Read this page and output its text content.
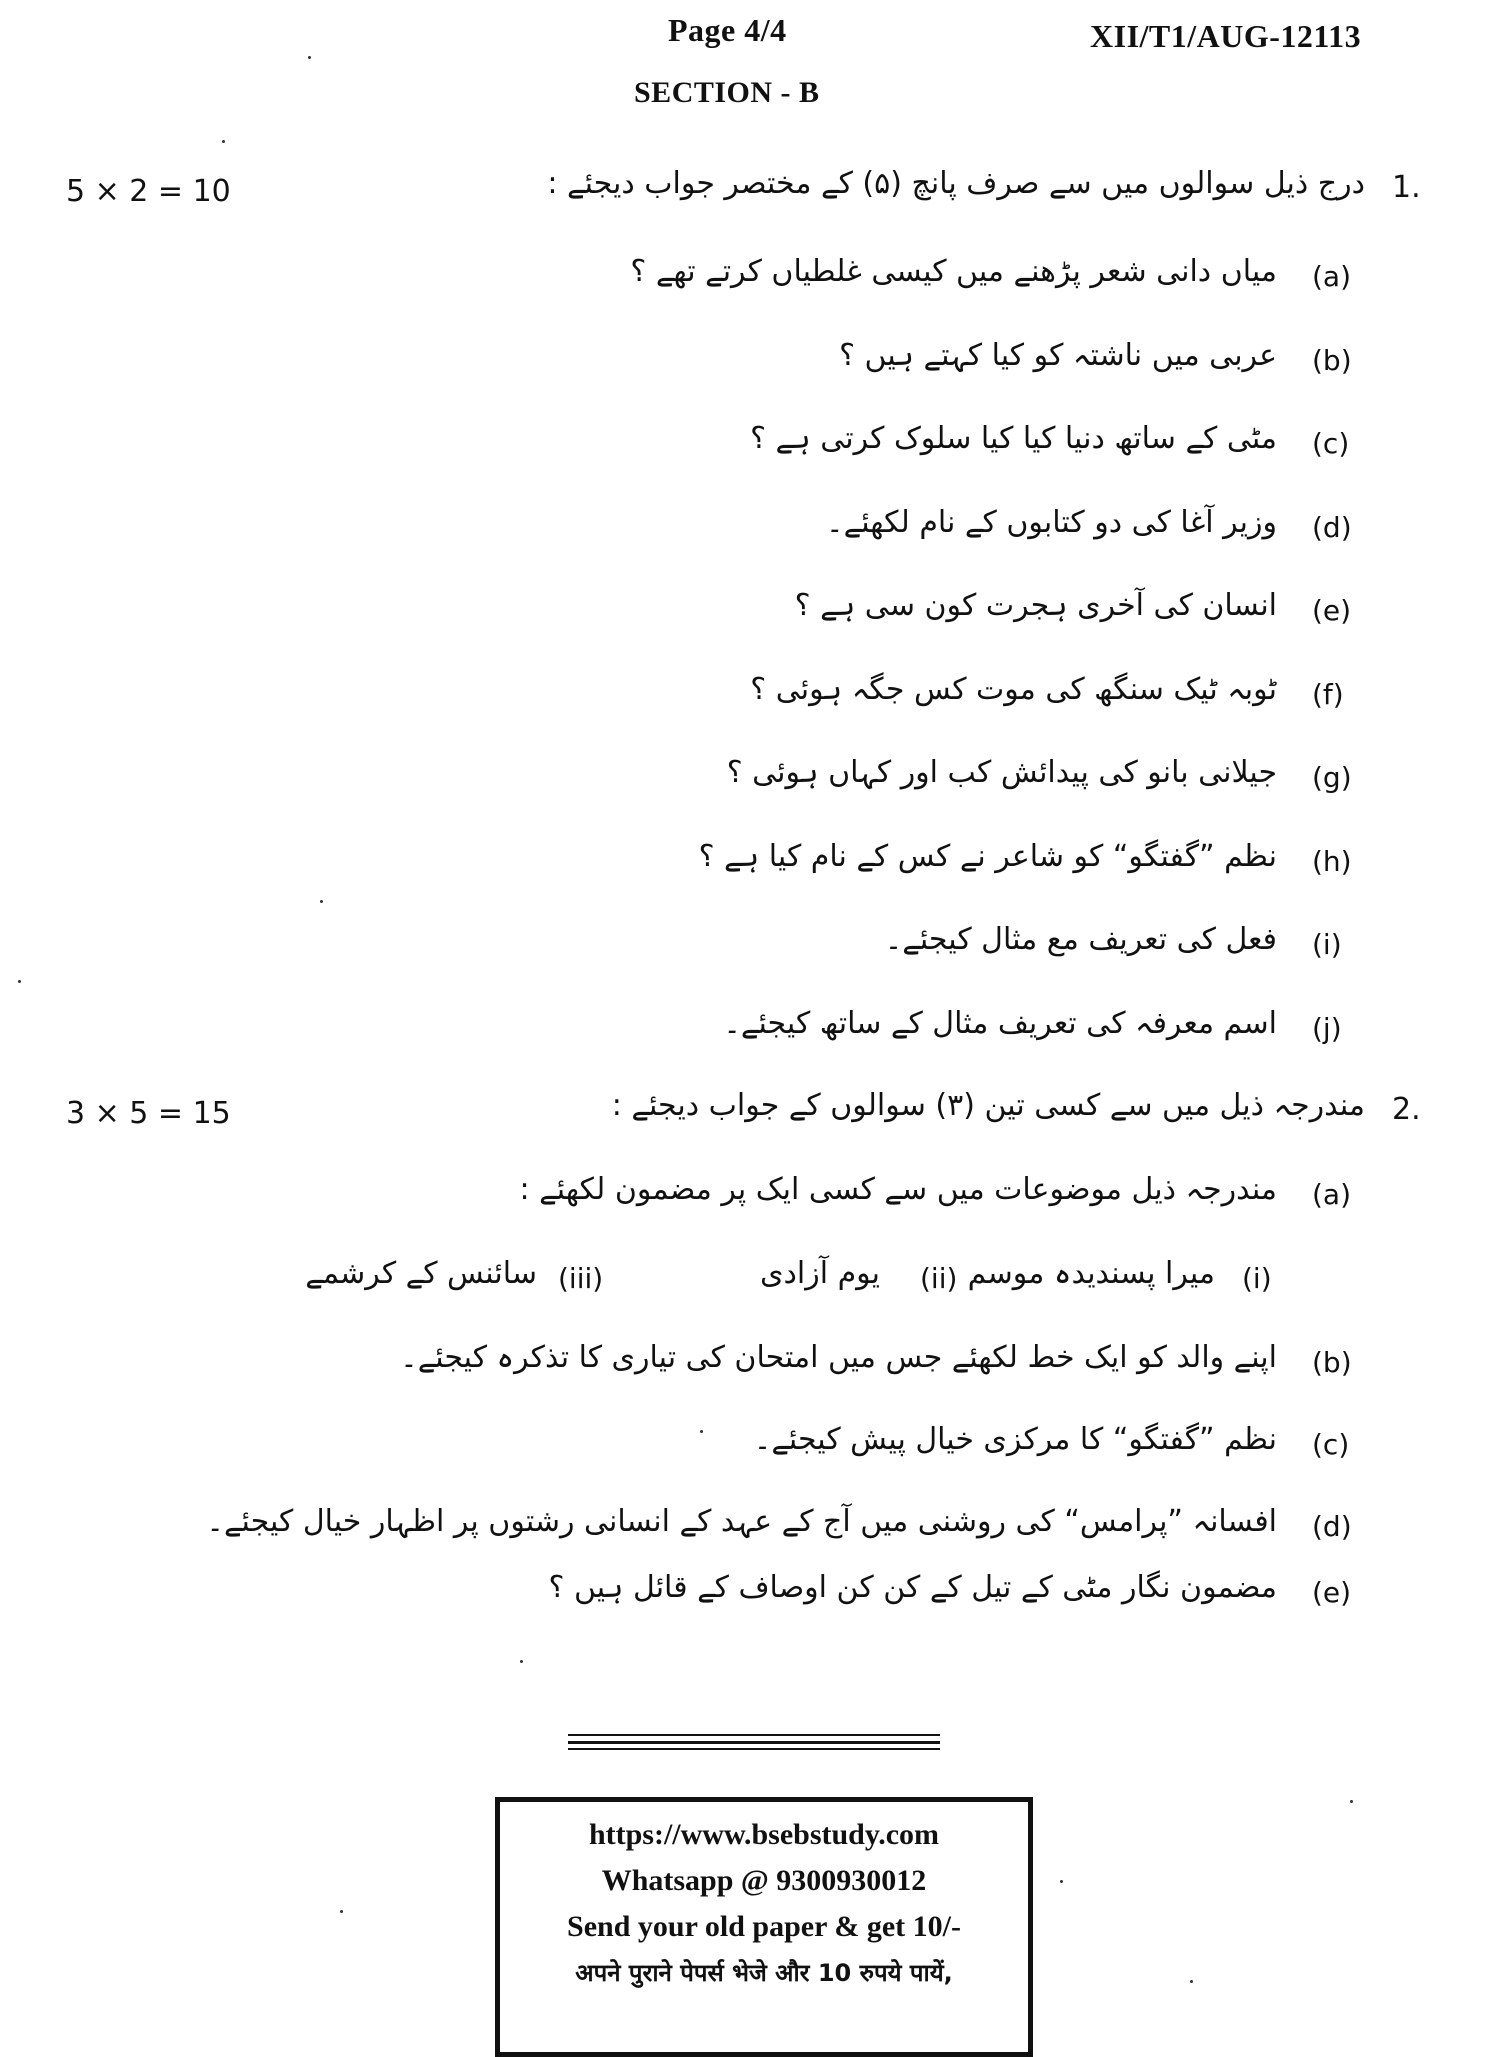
Page 4/4	XII/T1/AUG-12113
SECTION - B
5 × 2 = 10	1.
درج ذیل سوالوں میں سے صرف پانچ (۵) کے مختصر جواب دیجئے :
(a)
میاں دانی شعر پڑھنے میں کیسی غلطیاں کرتے تھے ؟
(b)
عربی میں ناشتہ کو کیا کہتے ہیں ؟
(c)
مٹی کے ساتھ دنیا کیا کیا سلوک کرتی ہے ؟
(d)
وزیر آغا کی دو کتابوں کے نام لکھئے۔
(e)
انسان کی آخری ہجرت کون سی ہے ؟
(f)
ٹوبہ ٹیک سنگھ کی موت کس جگہ ہوئی ؟
(g)
جیلانی بانو کی پیدائش کب اور کہاں ہوئی ؟
(h)
نظم ”گفتگو“ کو شاعر نے کس کے نام کیا ہے ؟
(i)
فعل کی تعریف مع مثال کیجئے۔
(j)
اسم معرفہ کی تعریف مثال کے ساتھ کیجئے۔
3 × 5 = 15	2.
مندرجہ ذیل میں سے کسی تین (۳) سوالوں کے جواب دیجئے :
(a)
مندرجہ ذیل موضوعات میں سے کسی ایک پر مضمون لکھئے :
(i)
میرا پسندیدہ موسم
(ii)
یوم آزادی
(iii)
سائنس کے کرشمے
(b)
اپنے والد کو ایک خط لکھئے جس میں امتحان کی تیاری کا تذکرہ کیجئے۔
(c)
نظم ”گفتگو“ کا مرکزی خیال پیش کیجئے۔
(d)
افسانہ ”پرامس“ کی روشنی میں آج کے عہد کے انسانی رشتوں پر اظہار خیال کیجئے۔
(e)
مضمون نگار مٹی کے تیل کے کن کن اوصاف کے قائل ہیں ؟
https://www.bsebstudy.com
Whatsapp @ 9300930012
Send your old paper & get 10/-
अपने पुराने पेपर्स भेजे और 10 रुपये पायें,
